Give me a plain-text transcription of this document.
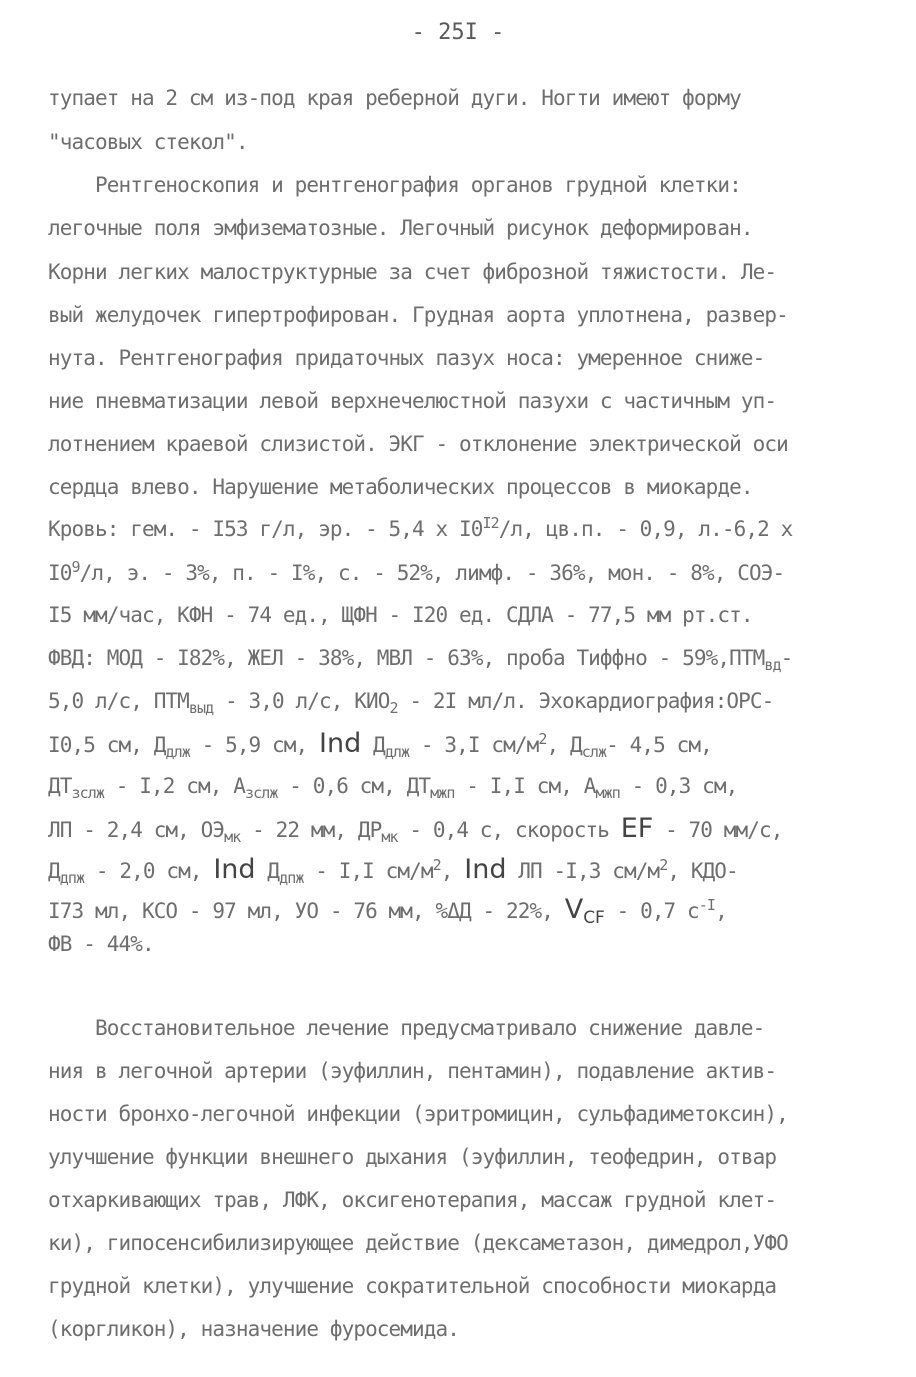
- 25I -
тупает на 2 см из-под края реберной дуги. Ногти имеют форму
"часовых стекол".
Рентгеноскопия и рентгенография органов грудной клетки:
легочные поля эмфизематозные. Легочный рисунок деформирован.
Корни легких малоструктурные за счет фиброзной тяжистости. Ле-
вый желудочек гипертрофирован. Грудная аорта уплотнена, развер-
нута. Рентгенография придаточных пазух носа: умеренное сниже-
ние пневматизации левой верхнечелюстной пазухи с частичным уп-
лотнением краевой слизистой. ЭКГ - отклонение электрической оси
сердца влево. Нарушение метаболических процессов в миокарде.
Кровь: гем. - I53 г/л, эр. - 5,4 х $I0^{I2}/л$, цв.п. - 0,9, л.-6,2 х
$I0^9/л$, э. - 3%, п. - I%, с. - 52%, лимф. - 36%, мон. - 8%, СОЭ-
I5 мм/час, КФН - 74 ед., ЩФН - I20 ед. СДЛА - 77,5 мм рт.ст.
ФВД: МОД - I82%, ЖЕЛ - 38%, МВЛ - 63%, проба Тиффно - $59\%,ПТМ_{вд}-$
5,0 л/с, $ПТМ_{выд} - 3,0$ л/с, $КИО_2 - 2I$ мл/л. Эхокардиография:ОРС-
I0,5 см, $Д_{длж} - 5,9$ см, Ind $Д_{длж} - 3,I$ $см/м^2$, $Д_{слж}-$ 4,5 см,
$ДТ_{зслж} - I,2$ см, $А_{зслж} - 0,6$ см, $ДТ_{мжп} - I,I$ см, $А_{мжп} - 0,3$ см,
ЛП - 2,4 см, $ОЭ_{мк} - 22$ мм, $ДР_{мк} - 0,4$ с, скорость EF - 70 мм/с,
$Д_{дпж} - 2,0$ см, Ind $Д_{дпж} - I,I$ $см/м^2$, Ind ЛП -I,3 $см/м^2$, КДО-
I73 мл, КСО - 97 мл, УО - 76 мм, %ΔД - 22%, $V_{CF} - 0,7$ $с^{-I}$,
ФВ - 44%.
Восстановительное лечение предусматривало снижение давле-
ния в легочной артерии (эуфиллин, пентамин), подавление актив-
ности бронхо-легочной инфекции (эритромицин, сульфадиметоксин),
улучшение функции внешнего дыхания (эуфиллин, теофедрин, отвар
отхаркивающих трав, ЛФК, оксигенотерапия, массаж грудной клет-
ки), гипосенсибилизирующее действие (дексаметазон, димедрол,УФО
грудной клетки), улучшение сократительной способности миокарда
(коргликон), назначение фуросемида.
